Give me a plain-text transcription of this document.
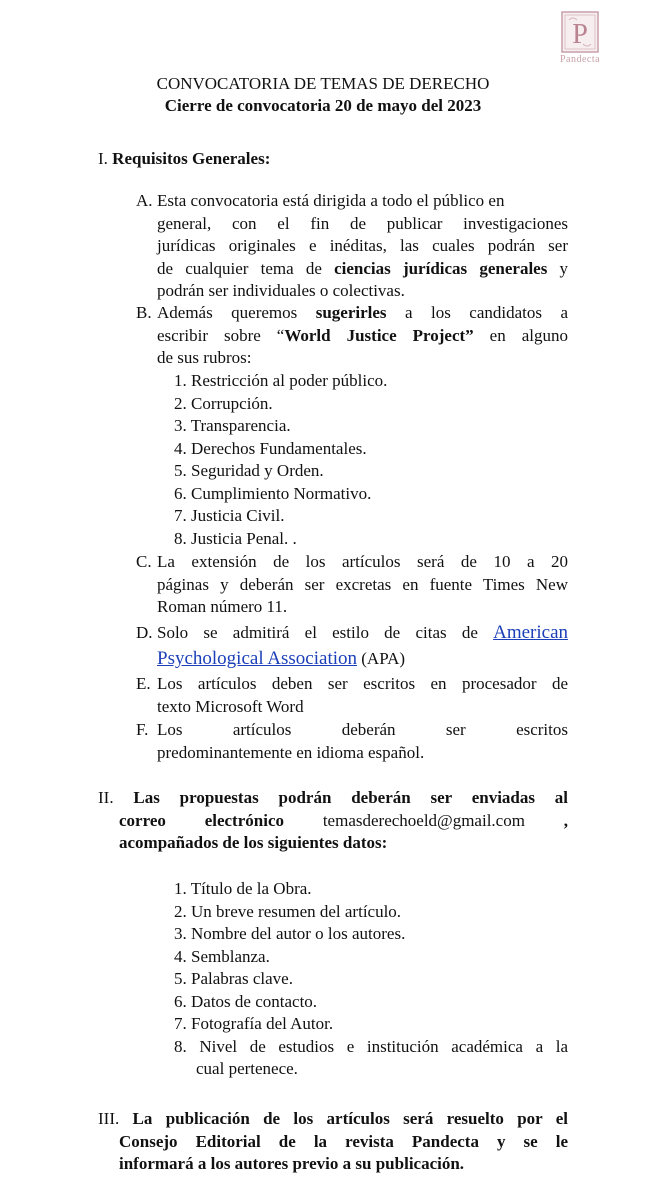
P
Pandecta
CONVOCATORIA DE TEMAS DE DERECHO
Cierre de convocatoria 20 de mayo del 2023
I. Requisitos Generales:
A. Esta convocatoria está dirigida a todo el público en
general, con el fin de publicar investigaciones
jurídicas originales e inéditas, las cuales podrán ser
de cualquier tema de ciencias jurídicas generales y
podrán ser individuales o colectivas.
B. Además queremos sugerirles a los candidatos a
escribir sobre “World Justice Project” en alguno
de sus rubros:
1. Restricción al poder público.
2. Corrupción.
3. Transparencia.
4. Derechos Fundamentales.
5. Seguridad y Orden.
6. Cumplimiento Normativo.
7. Justicia Civil.
8. Justicia Penal. .
C. La extensión de los artículos será de 10 a 20
páginas y deberán ser excretas en fuente Times New
Roman número 11.
D. Solo se admitirá el estilo de citas de American
Psychological Association (APA)
E. Los artículos deben ser escritos en procesador de
texto Microsoft Word
F. Los artículos deberán ser escritos
predominantemente en idioma español.
II. Las propuestas podrán deberán ser enviadas al
correo electrónico temasderechoeld@gmail.com ,
acompañados de los siguientes datos:
1. Título de la Obra.
2. Un breve resumen del artículo.
3. Nombre del autor o los autores.
4. Semblanza.
5. Palabras clave.
6. Datos de contacto.
7. Fotografía del Autor.
8. Nivel de estudios e institución académica a la
cual pertenece.
III. La publicación de los artículos será resuelto por el
Consejo Editorial de la revista Pandecta y se le
informará a los autores previo a su publicación.
